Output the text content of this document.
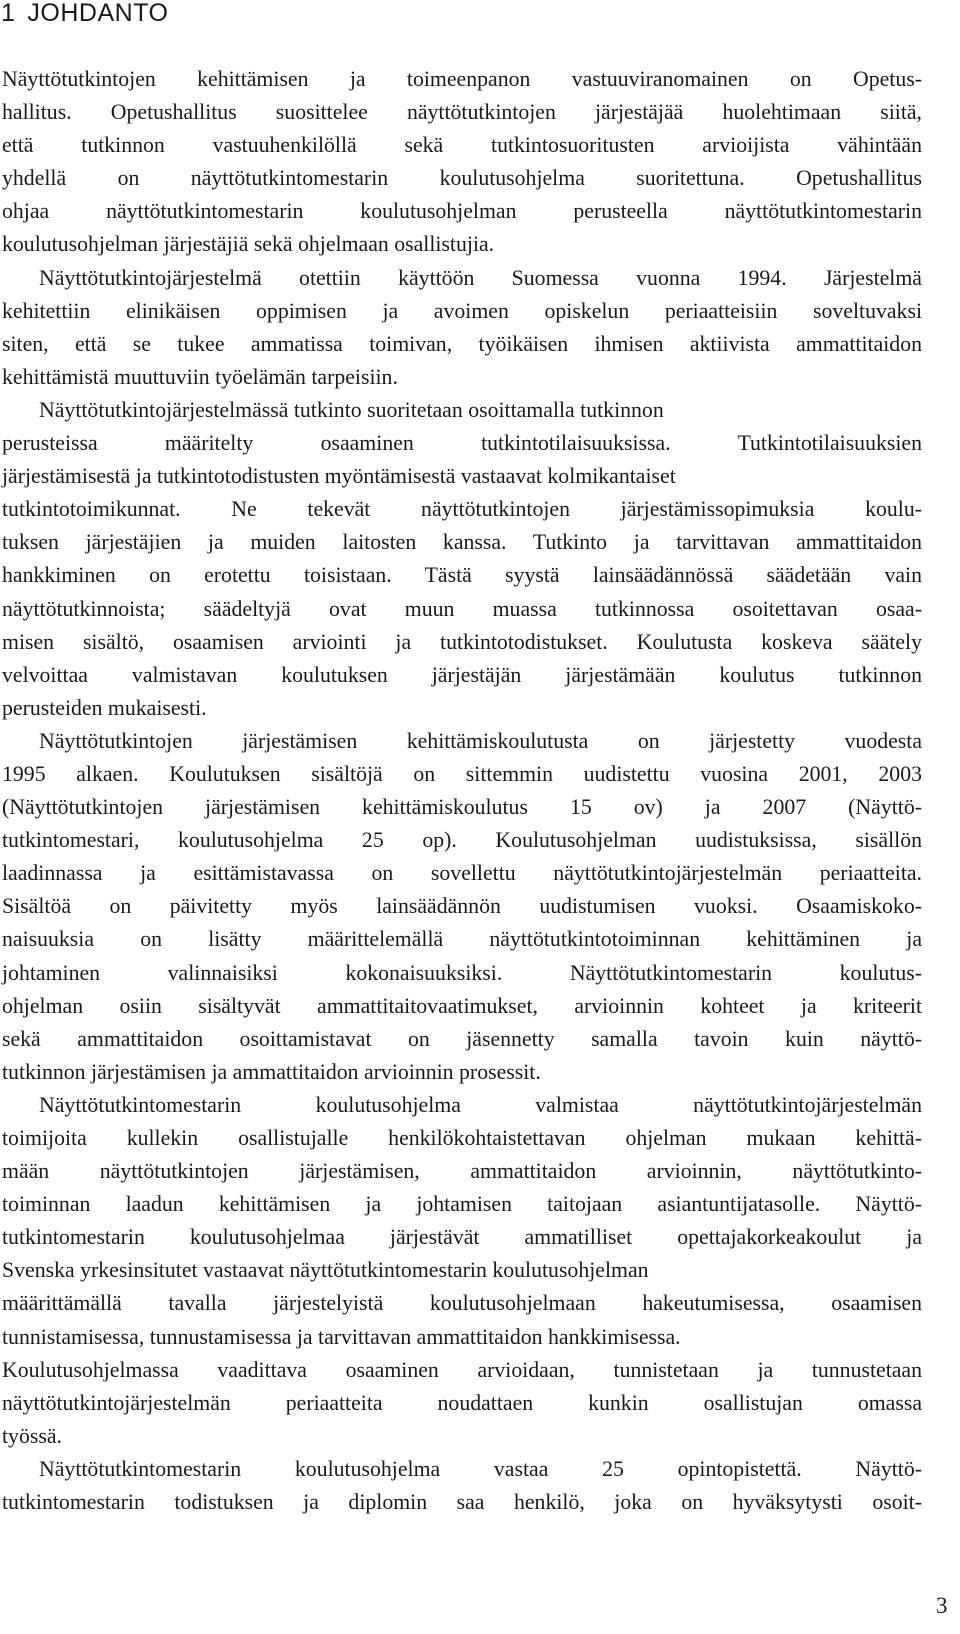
1 JOHDANTO
Näyttötutkintojen kehittämisen ja toimeenpanon vastuuviranomainen on Opetus-
hallitus. Opetushallitus suosittelee näyttötutkintojen järjestäjää huolehtimaan siitä,
että tutkinnon vastuuhenkilöllä sekä tutkintosuoritusten arvioijista vähintään
yhdellä on näyttötutkintomestarin koulutusohjelma suoritettuna. Opetushallitus
ohjaa näyttötutkintomestarin koulutusohjelman perusteella näyttötutkintomestarin
koulutusohjelman järjestäjiä sekä ohjelmaan osallistujia.
Näyttötutkintojärjestelmä otettiin käyttöön Suomessa vuonna 1994. Järjestelmä
kehitettiin elinikäisen oppimisen ja avoimen opiskelun periaatteisiin soveltuvaksi
siten, että se tukee ammatissa toimivan, työikäisen ihmisen aktiivista ammattitaidon
kehittämistä muuttuviin työelämän tarpeisiin.
Näyttötutkintojärjestelmässä tutkinto suoritetaan osoittamalla tutkinnon
perusteissa määritelty osaaminen tutkintotilaisuuksissa. Tutkintotilaisuuksien
järjestämisestä ja tutkintotodistusten myöntämisestä vastaavat kolmikantaiset
tutkintotoimikunnat. Ne tekevät näyttötutkintojen järjestämissopimuksia koulu-
tuksen järjestäjien ja muiden laitosten kanssa. Tutkinto ja tarvittavan ammattitaidon
hankkiminen on erotettu toisistaan. Tästä syystä lainsäädännössä säädetään vain
näyttötutkinnoista; säädeltyjä ovat muun muassa tutkinnossa osoitettavan osaa-
misen sisältö, osaamisen arviointi ja tutkintotodistukset. Koulutusta koskeva säätely
velvoittaa valmistavan koulutuksen järjestäjän järjestämään koulutus tutkinnon
perusteiden mukaisesti.
Näyttötutkintojen järjestämisen kehittämiskoulutusta on järjestetty vuodesta
1995 alkaen. Koulutuksen sisältöjä on sittemmin uudistettu vuosina 2001, 2003
(Näyttötutkintojen järjestämisen kehittämiskoulutus 15 ov) ja 2007 (Näyttö-
tutkintomestari, koulutusohjelma 25 op). Koulutusohjelman uudistuksissa, sisällön
laadinnassa ja esittämistavassa on sovellettu näyttötutkintojärjestelmän periaatteita.
Sisältöä on päivitetty myös lainsäädännön uudistumisen vuoksi. Osaamiskoko-
naisuuksia on lisätty määrittelemällä näyttötutkintotoiminnan kehittäminen ja
johtaminen valinnaisiksi kokonaisuuksiksi. Näyttötutkintomestarin koulutus-
ohjelman osiin sisältyvät ammattitaitovaatimukset, arvioinnin kohteet ja kriteerit
sekä ammattitaidon osoittamistavat on jäsennetty samalla tavoin kuin näyttö-
tutkinnon järjestämisen ja ammattitaidon arvioinnin prosessit.
Näyttötutkintomestarin koulutusohjelma valmistaa näyttötutkintojärjestelmän
toimijoita kullekin osallistujalle henkilökohtaistettavan ohjelman mukaan kehittä-
mään näyttötutkintojen järjestämisen, ammattitaidon arvioinnin, näyttötutkinto-
toiminnan laadun kehittämisen ja johtamisen taitojaan asiantuntijatasolle. Näyttö-
tutkintomestarin koulutusohjelmaa järjestävät ammatilliset opettajakorkeakoulut ja
Svenska yrkesinsitutet vastaavat näyttötutkintomestarin koulutusohjelman
määrittämällä tavalla järjestelyistä koulutusohjelmaan hakeutumisessa, osaamisen
tunnistamisessa, tunnustamisessa ja tarvittavan ammattitaidon hankkimisessa.
Koulutusohjelmassa vaadittava osaaminen arvioidaan, tunnistetaan ja tunnustetaan
näyttötutkintojärjestelmän periaatteita noudattaen kunkin osallistujan omassa
työssä.
Näyttötutkintomestarin koulutusohjelma vastaa 25 opintopistettä. Näyttö-
tutkintomestarin todistuksen ja diplomin saa henkilö, joka on hyväksytysti osoit-
3
